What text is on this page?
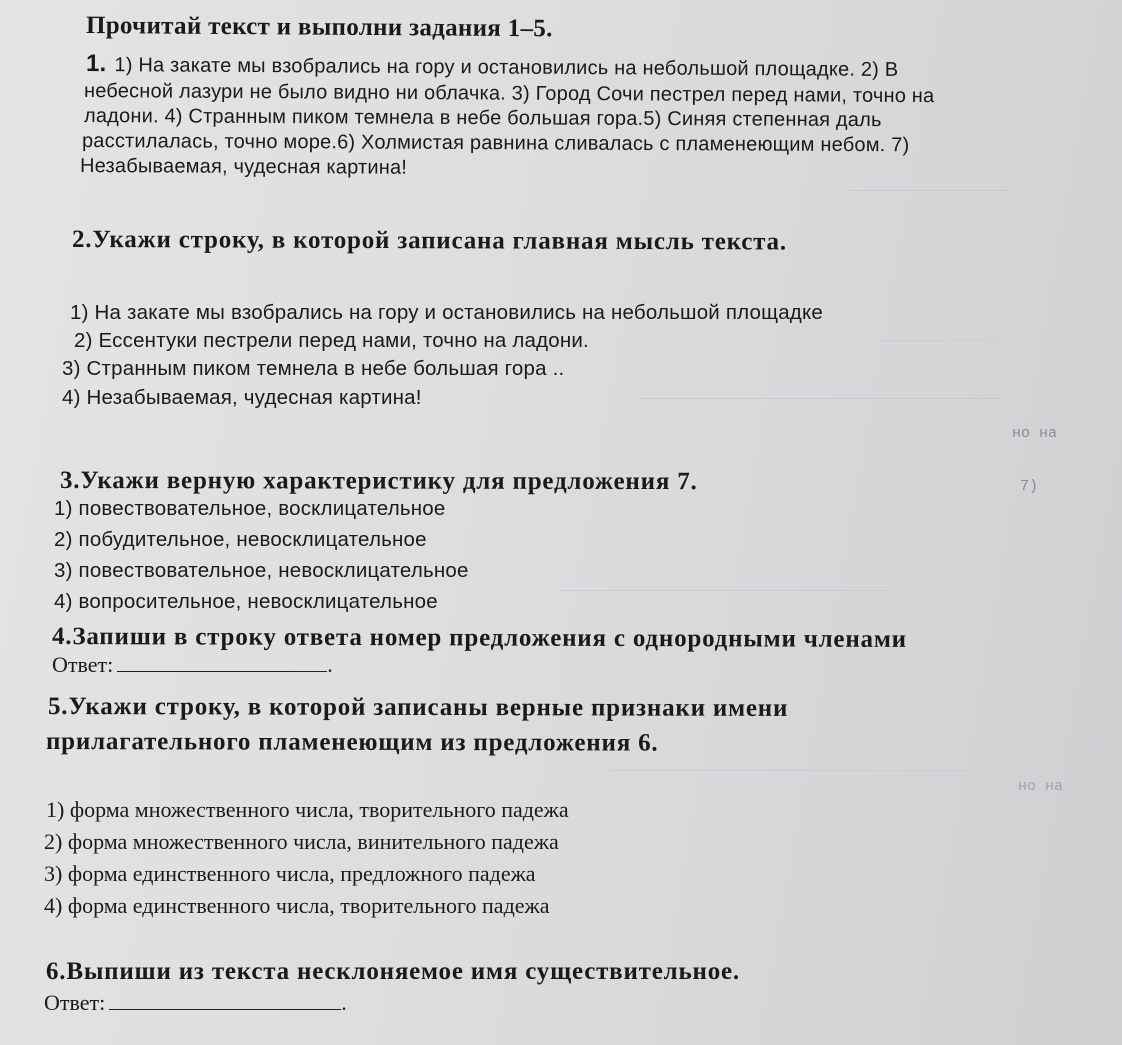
Прочитай текст и выполни задания 1–5.
1. 1) На закате мы взобрались на гору и остановились на небольшой площадке. 2) В
небесной лазури не было видно ни облачка. 3) Город Сочи пестрел перед нами, точно на
ладони. 4) Странным пиком темнела в небе большая гора.5) Синяя степенная даль
расстилалась, точно море.6) Холмистая равнина сливалась с пламенеющим небом. 7)
Незабываемая, чудесная картина!
2.Укажи строку, в которой записана главная мысль текста.
1) На закате мы взобрались на гору и остановились на небольшой площадке
2) Ессентуки пестрели перед нами, точно на ладони.
3) Странным пиком темнела в небе большая гора ..
4) Незабываемая, чудесная картина!
3.Укажи верную характеристику для предложения 7.
1) повествовательное, восклицательное
2) побудительное, невосклицательное
3) повествовательное, невосклицательное
4) вопросительное, невосклицательное
4.Запиши в строку ответа номер предложения с однородными членами
Ответ:	.
5.Укажи строку, в которой записаны верные признаки имени
прилагательного пламенеющим из предложения 6.
1) форма множественного числа, творительного падежа
2) форма множественного числа, винительного падежа
3) форма единственного числа, предложного падежа
4) форма единственного числа, творительного падежа
6.Выпиши из текста несклоняемое имя существительное.
Ответ:	.
но на
7)
но на
